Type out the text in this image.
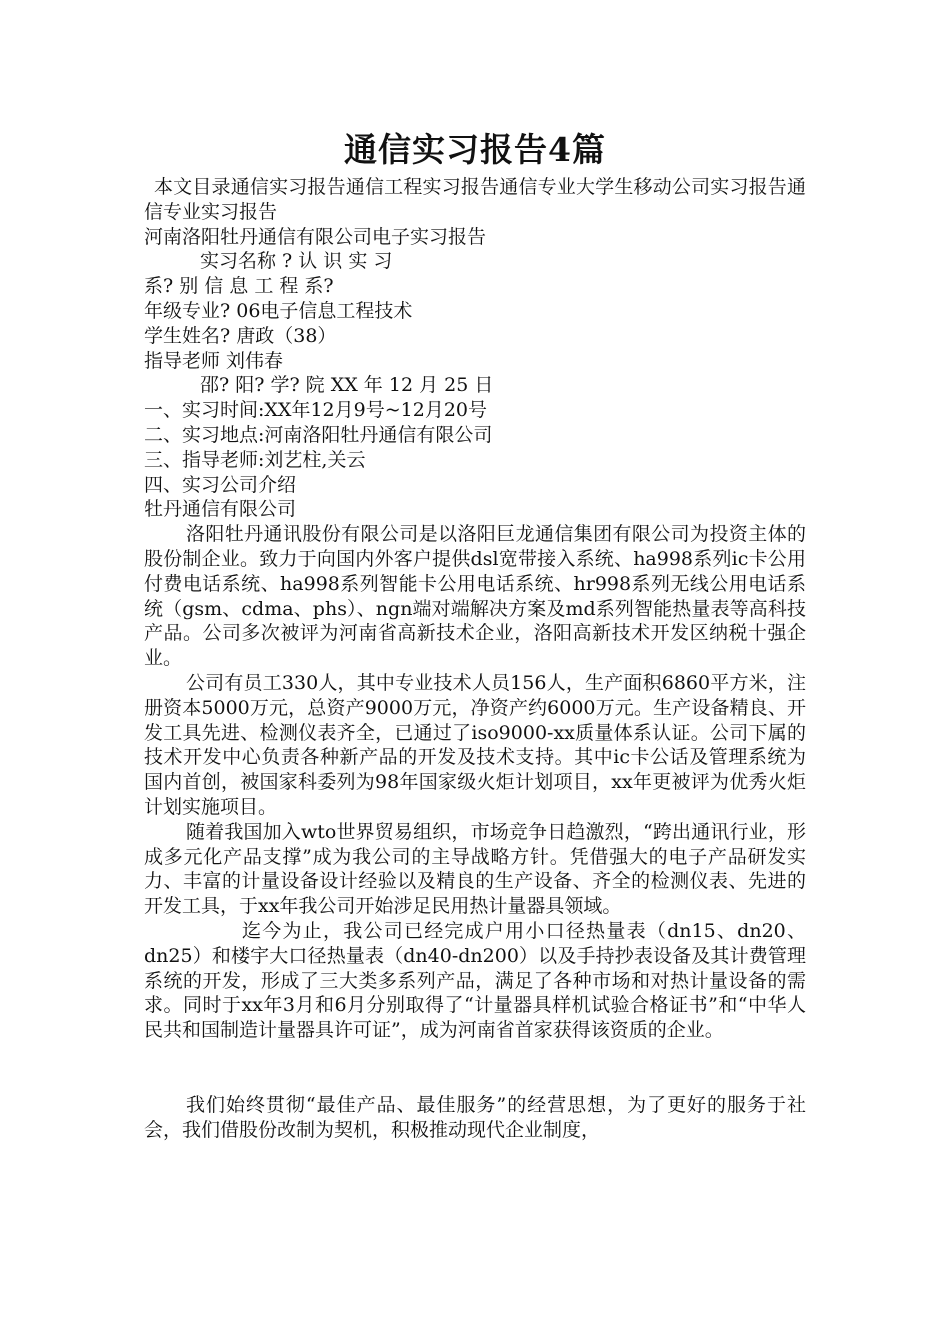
通信实习报告4篇

本文目录通信实习报告通信工程实习报告通信专业大学生移动公司实习报告通信专业实习报告

河南洛阳牡丹通信有限公司电子实习报告

实习名称 ? 认 识 实 习

系? 别 信 息 工 程 系?

年级专业? 06电子信息工程技术

学生姓名? 唐政（38）

指导老师 刘伟春

邵? 阳? 学? 院 XX 年 12 月 25 日

一、实习时间:XX年12月9号~12月20号

二、实习地点:河南洛阳牡丹通信有限公司

三、指导老师:刘艺柱,关云

四、实习公司介绍

牡丹通信有限公司

洛阳牡丹通讯股份有限公司是以洛阳巨龙通信集团有限公司为投资主体的股份制企业。致力于向国内外客户提供dsl宽带接入系统、ha998系列ic卡公用付费电话系统、ha998系列智能卡公用电话系统、hr998系列无线公用电话系统（gsm、cdma、phs）、ngn端对端解决方案及md系列智能热量表等高科技产品。公司多次被评为河南省高新技术企业，洛阳高新技术开发区纳税十强企业。

公司有员工330人，其中专业技术人员156人，生产面积6860平方米，注册资本5000万元，总资产9000万元，净资产约6000万元。生产设备精良、开发工具先进、检测仪表齐全，已通过了iso9000-xx质量体系认证。公司下属的技术开发中心负责各种新产品的开发及技术支持。其中ic卡公话及管理系统为国内首创，被国家科委列为98年国家级火炬计划项目，xx年更被评为优秀火炬计划实施项目。

随着我国加入wto世界贸易组织，市场竞争日趋激烈，“跨出通讯行业，形成多元化产品支撑”成为我公司的主导战略方针。凭借强大的电子产品研发实力、丰富的计量设备设计经验以及精良的生产设备、齐全的检测仪表、先进的开发工具，于xx年我公司开始涉足民用热计量器具领域。

迄今为止，我公司已经完成户用小口径热量表（dn15、dn20、dn25）和楼宇大口径热量表（dn40-dn200）以及手持抄表设备及其计费管理系统的开发，形成了三大类多系列产品，满足了各种市场和对热计量设备的需求。同时于xx年3月和6月分别取得了“计量器具样机试验合格证书”和“中华人民共和国制造计量器具许可证”，成为河南省首家获得该资质的企业。

我们始终贯彻“最佳产品、最佳服务”的经营思想，为了更好的服务于社会，我们借股份改制为契机，积极推动现代企业制度，
